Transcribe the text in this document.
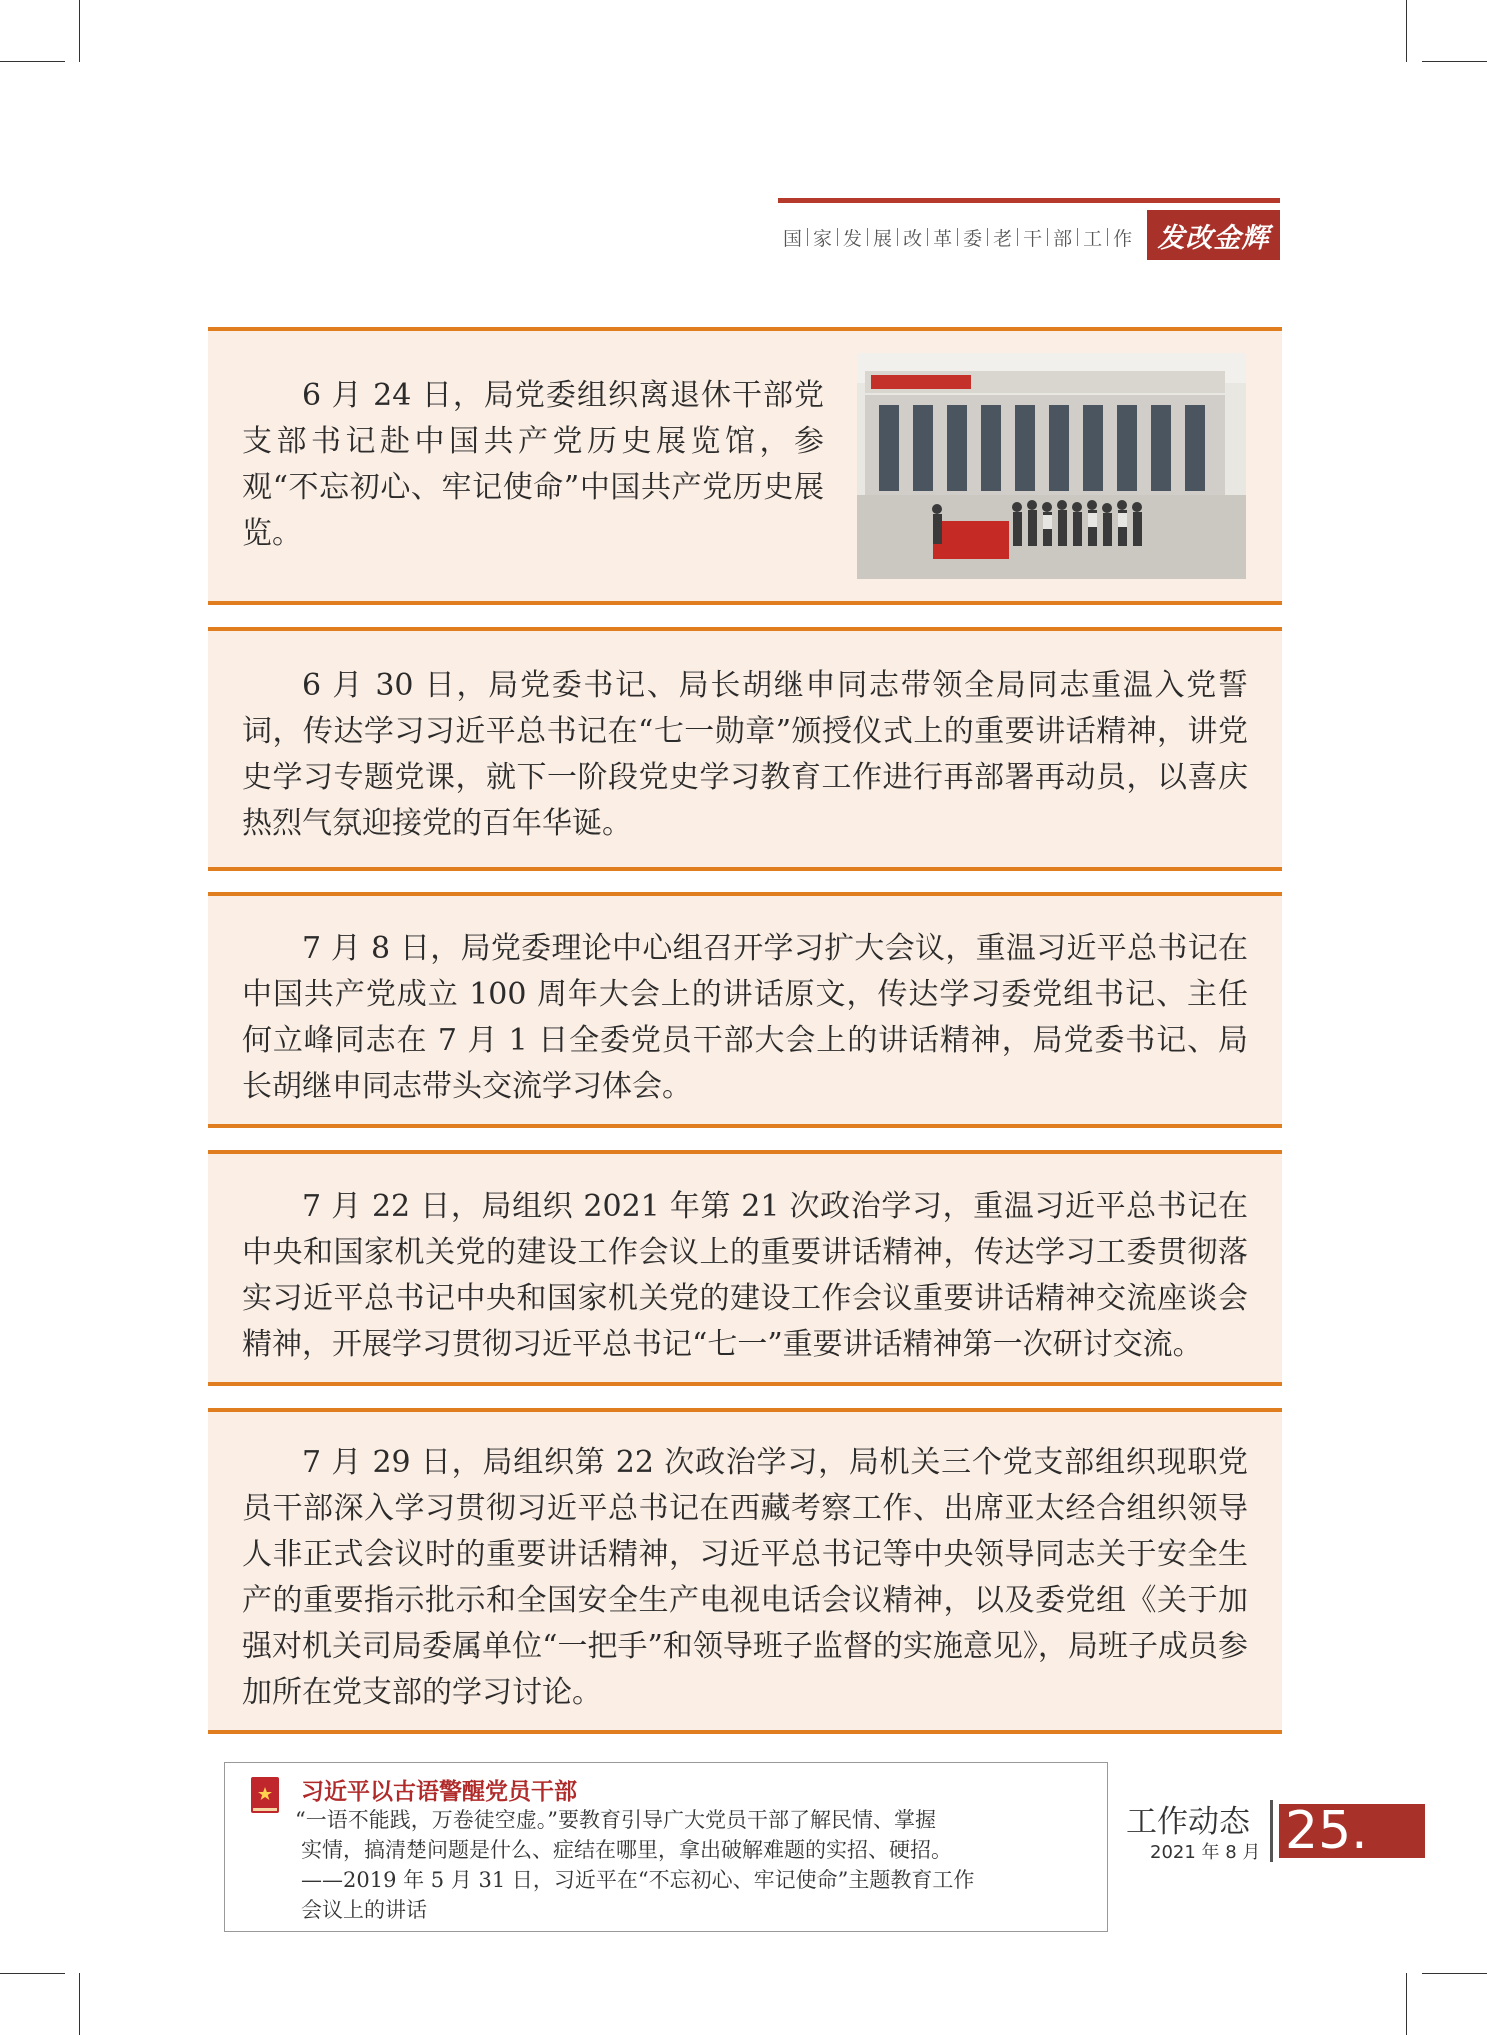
国 家 发 展 改 革 委 老 干 部 工 作 发改金辉

6 月 24 日，局党委组织离退休干部党支部书记赴中国共产党历史展览馆，参观“不忘初心、牢记使命”中国共产党历史展览。

6 月 30 日，局党委书记、局长胡继申同志带领全局同志重温入党誓词，传达学习习近平总书记在“七一勋章”颁授仪式上的重要讲话精神，讲党史学习专题党课，就下一阶段党史学习教育工作进行再部署再动员，以喜庆热烈气氛迎接党的百年华诞。

7 月 8 日，局党委理论中心组召开学习扩大会议，重温习近平总书记在中国共产党成立 100 周年大会上的讲话原文，传达学习委党组书记、主任何立峰同志在 7 月 1 日全委党员干部大会上的讲话精神，局党委书记、局长胡继申同志带头交流学习体会。

7 月 22 日，局组织 2021 年第 21 次政治学习，重温习近平总书记在中央和国家机关党的建设工作会议上的重要讲话精神，传达学习工委贯彻落实习近平总书记中央和国家机关党的建设工作会议重要讲话精神交流座谈会精神，开展学习贯彻习近平总书记“七一”重要讲话精神第一次研讨交流。

7 月 29 日，局组织第 22 次政治学习，局机关三个党支部组织现职党员干部深入学习贯彻习近平总书记在西藏考察工作、出席亚太经合组织领导人非正式会议时的重要讲话精神，习近平总书记等中央领导同志关于安全生产的重要指示批示和全国安全生产电视电话会议精神，以及委党组《关于加强对机关司局委属单位“一把手”和领导班子监督的实施意见》，局班子成员参加所在党支部的学习讨论。

习近平以古语警醒党员干部
“一语不能践，万卷徒空虚。”要教育引导广大党员干部了解民情、掌握
实情，搞清楚问题是什么、症结在哪里，拿出破解难题的实招、硬招。
——2019 年 5 月 31 日，习近平在“不忘初心、牢记使命”主题教育工作
会议上的讲话
工作动态
2021 年 8 月 25.
